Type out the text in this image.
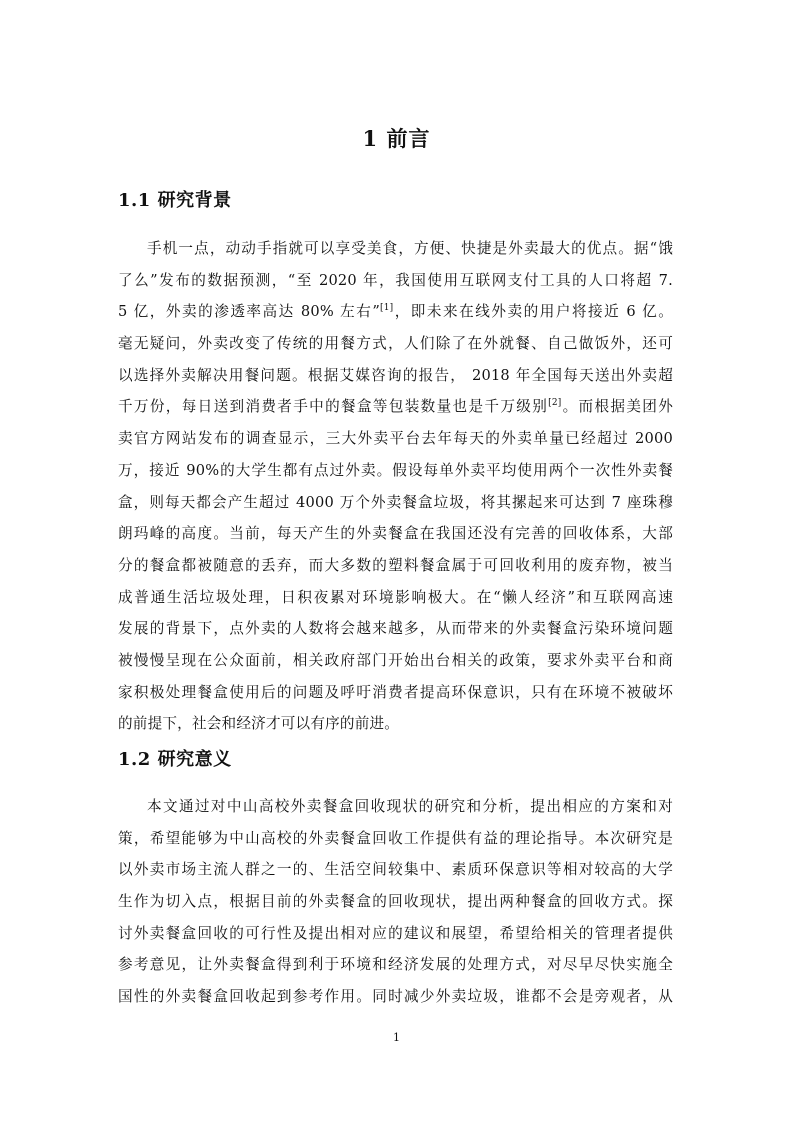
1 前言
1.1 研究背景
手机一点，动动手指就可以享受美食，方便、快捷是外卖最大的优点。据“饿
了么”发布的数据预测，“至 2020 年，我国使用互联网支付工具的人口将超 7.
5 亿，外卖的渗透率高达 80% 左右”[1]，即未来在线外卖的用户将接近 6 亿。
毫无疑问，外卖改变了传统的用餐方式，人们除了在外就餐、自己做饭外，还可
以选择外卖解决用餐问题。根据艾媒咨询的报告， 2018 年全国每天送出外卖超
千万份，每日送到消费者手中的餐盒等包装数量也是千万级别[2]。而根据美团外
卖官方网站发布的调查显示，三大外卖平台去年每天的外卖单量已经超过 2000
万，接近 90%的大学生都有点过外卖。假设每单外卖平均使用两个一次性外卖餐
盒，则每天都会产生超过 4000 万个外卖餐盒垃圾，将其摞起来可达到 7 座珠穆
朗玛峰的高度。当前，每天产生的外卖餐盒在我国还没有完善的回收体系，大部
分的餐盒都被随意的丢弃，而大多数的塑料餐盒属于可回收利用的废弃物，被当
成普通生活垃圾处理，日积夜累对环境影响极大。在“懒人经济”和互联网高速
发展的背景下，点外卖的人数将会越来越多，从而带来的外卖餐盒污染环境问题
被慢慢呈现在公众面前，相关政府部门开始出台相关的政策，要求外卖平台和商
家积极处理餐盒使用后的问题及呼吁消费者提高环保意识，只有在环境不被破坏
的前提下，社会和经济才可以有序的前进。
1.2 研究意义
本文通过对中山高校外卖餐盒回收现状的研究和分析，提出相应的方案和对
策，希望能够为中山高校的外卖餐盒回收工作提供有益的理论指导。本次研究是
以外卖市场主流人群之一的、生活空间较集中、素质环保意识等相对较高的大学
生作为切入点，根据目前的外卖餐盒的回收现状，提出两种餐盒的回收方式。探
讨外卖餐盒回收的可行性及提出相对应的建议和展望，希望给相关的管理者提供
参考意见，让外卖餐盒得到利于环境和经济发展的处理方式，对尽早尽快实施全
国性的外卖餐盒回收起到参考作用。同时减少外卖垃圾，谁都不会是旁观者，从
1
